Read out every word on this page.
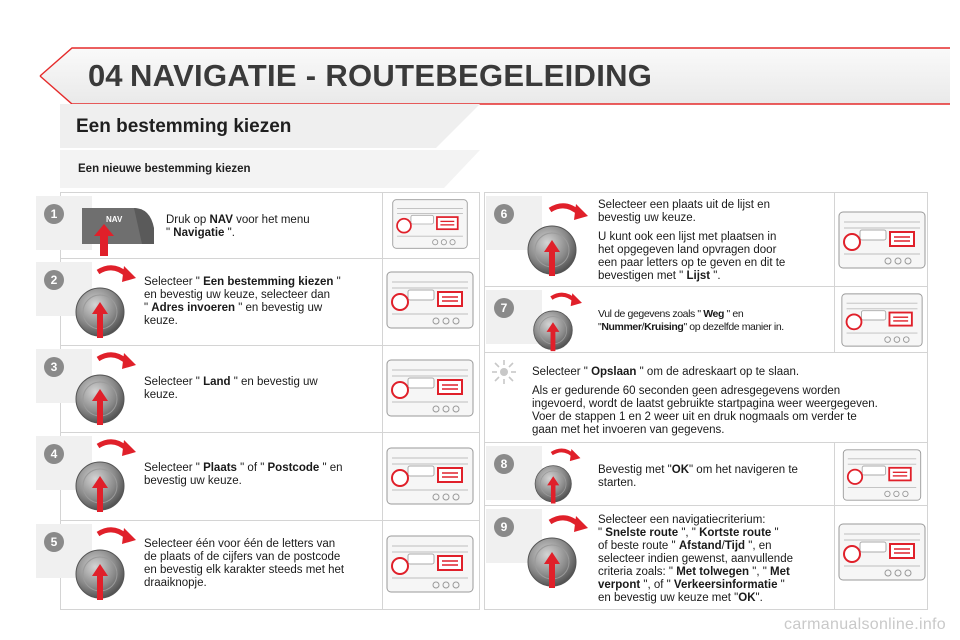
04 NAVIGATIE - ROUTEBEGELEIDING
Een bestemming kiezen
Een nieuwe bestemming kiezen
1
2
3
4
5
6
7
8
9
NAV	Druk op NAV voor het menu
" Navigatie ".
Selecteer " Een bestemming kiezen "
en bevestig uw keuze, selecteer dan
" Adres invoeren " en bevestig uw
keuze.
Selecteer " Land " en bevestig uw
keuze.
Selecteer " Plaats " of " Postcode " en
bevestig uw keuze.
Selecteer één voor één de letters van
de plaats of de cijfers van de postcode
en bevestig elk karakter steeds met het
draaiknopje.

Selecteer een plaats uit de lijst en
bevestig uw keuze.

U kunt ook een lijst met plaatsen in
het opgegeven land opvragen door
een paar letters op te geven en dit te
bevestigen met " Lijst ".

Vul de gegevens zoals " Weg " en
"Nummer/Kruising" op dezelfde manier in.

Selecteer " Opslaan " om de adreskaart op te slaan.

Als er gedurende 60 seconden geen adresgegevens worden
ingevoerd, wordt de laatst gebruikte startpagina weer weergegeven.
Voer de stappen 1 en 2 weer uit en druk nogmaals om verder te
gaan met het invoeren van gegevens.

Bevestig met "OK" om het navigeren te
starten.
Selecteer een navigatiecriterium:
" Snelste route ", " Kortste route "
of beste route " Afstand/Tijd ", en
selecteer indien gewenst, aanvullende
criteria zoals: " Met tolwegen ", " Met
verpont ", of " Verkeersinformatie "
en bevestig uw keuze met "OK".
carmanualsonline.info
